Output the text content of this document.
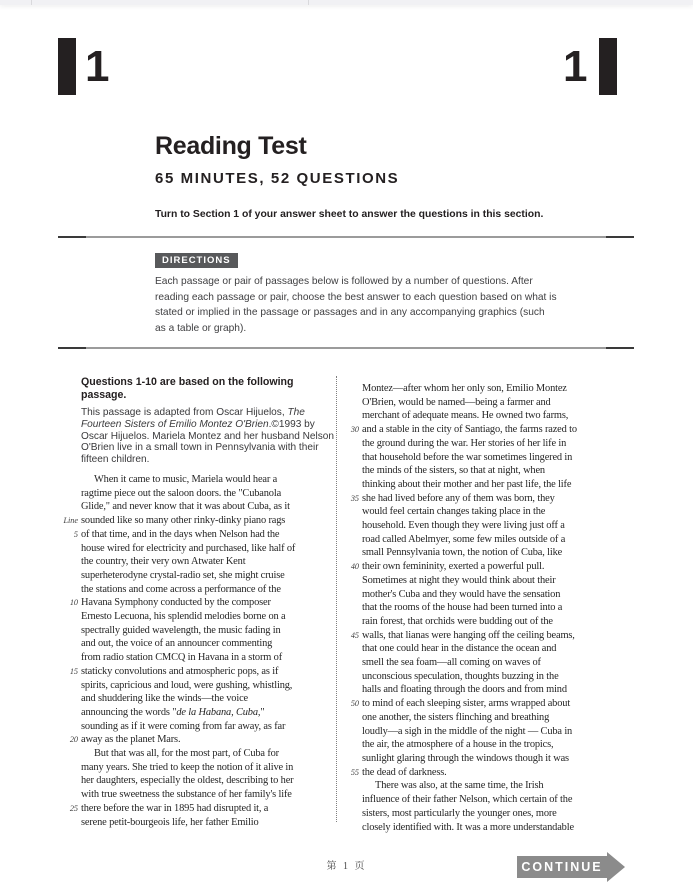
1	1
Reading Test
65 MINUTES, 52 QUESTIONS

Turn to Section 1 of your answer sheet to answer the questions in this section.

DIRECTIONS

Each passage or pair of passages below is followed by a number of questions. After reading each passage or pair, choose the best answer to each question based on what is stated or implied in the passage or passages and in any accompanying graphics (such as a table or graph).

Questions 1-10 are based on the following passage.

This passage is adapted from Oscar Hijuelos, The Fourteen Sisters of Emilio Montez O'Brien.©1993 by Oscar Hijuelos. Mariela Montez and her husband Nelson O'Brien live in a small town in Pennsylvania with their fifteen children.

When it came to music, Mariela would hear a
ragtime piece out the saloon doors. the "Cubanola
Glide," and never know that it was about Cuba, as it
Line sounded like so many other rinky-dinky piano rags
5 of that time, and in the days when Nelson had the
house wired for electricity and purchased, like half of
the country, their very own Atwater Kent
superheterodyne crystal-radio set, she might cruise
the stations and come across a performance of the
10 Havana Symphony conducted by the composer
Ernesto Lecuona, his splendid melodies borne on a
spectrally guided wavelength, the music fading in
and out, the voice of an announcer commenting
from radio station CMCQ in Havana in a storm of
15 staticky convolutions and atmospheric pops, as if
spirits, capricious and loud, were gushing, whistling,
and shuddering like the winds—the voice
announcing the words "de la Habana, Cuba,"
sounding as if it were coming from far away, as far
20 away as the planet Mars.
But that was all, for the most part, of Cuba for
many years. She tried to keep the notion of it alive in
her daughters, especially the oldest, describing to her
with true sweetness the substance of her family's life
25 there before the war in 1895 had disrupted it, a
serene petit-bourgeois life, her father Emilio
Montez—after whom her only son, Emilio Montez
O'Brien, would be named—being a farmer and
merchant of adequate means. He owned two farms,
30 and a stable in the city of Santiago, the farms razed to
the ground during the war. Her stories of her life in
that household before the war sometimes lingered in
the minds of the sisters, so that at night, when
thinking about their mother and her past life, the life
35 she had lived before any of them was born, they
would feel certain changes taking place in the
household. Even though they were living just off a
road called Abelmyer, some few miles outside of a
small Pennsylvania town, the notion of Cuba, like
40 their own femininity, exerted a powerful pull.
Sometimes at night they would think about their
mother's Cuba and they would have the sensation
that the rooms of the house had been turned into a
rain forest, that orchids were budding out of the
45 walls, that lianas were hanging off the ceiling beams,
that one could hear in the distance the ocean and
smell the sea foam—all coming on waves of
unconscious speculation, thoughts buzzing in the
halls and floating through the doors and from mind
50 to mind of each sleeping sister, arms wrapped about
one another, the sisters flinching and breathing
loudly—a sigh in the middle of the night — Cuba in
the air, the atmosphere of a house in the tropics,
sunlight glaring through the windows though it was
55 the dead of darkness.
There was also, at the same time, the Irish
influence of their father Nelson, which certain of the
sisters, most particularly the younger ones, more
closely identified with. It was a more understandable
第 1 页	CONTINUE
